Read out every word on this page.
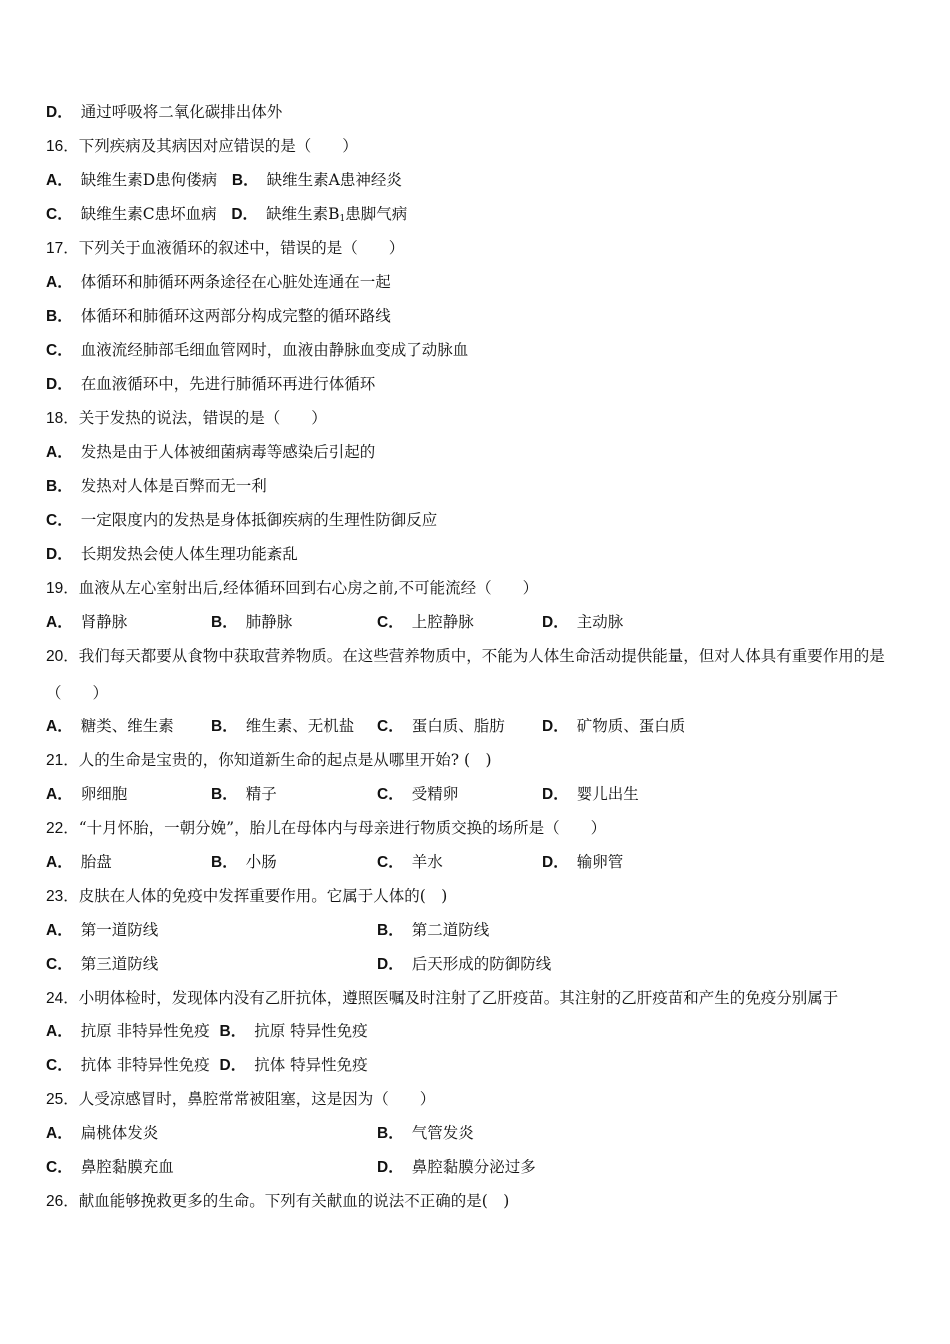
D． 通过呼吸将二氧化碳排出体外
16．下列疾病及其病因对应错误的是（　　）
A． 缺维生素D患佝偻病 B． 缺维生素A患神经炎
C． 缺维生素C患坏血病 D． 缺维生素$B_1$患脚气病
17．下列关于血液循环的叙述中，错误的是（　　）
A． 体循环和肺循环两条途径在心脏处连通在一起
B． 体循环和肺循环这两部分构成完整的循环路线
C． 血液流经肺部毛细血管网时，血液由静脉血变成了动脉血
D． 在血液循环中，先进行肺循环再进行体循环
18．关于发热的说法，错误的是（　　）
A． 发热是由于人体被细菌病毒等感染后引起的
B． 发热对人体是百弊而无一利
C． 一定限度内的发热是身体抵御疾病的生理性防御反应
D． 长期发热会使人体生理功能紊乱
19．血液从左心室射出后,经体循环回到右心房之前,不可能流经（　　）
A． 肾静脉	B． 肺静脉	C． 上腔静脉	D． 主动脉
20．我们每天都要从食物中获取营养物质。在这些营养物质中，不能为人体生命活动提供能量，但对人体具有重要作用的是（　　）
A． 糖类、维生素 B． 维生素、无机盐 C． 蛋白质、脂肪 D． 矿物质、蛋白质
21．人的生命是宝贵的，你知道新生命的起点是从哪里开始? (　)
A． 卵细胞	B． 精子	C． 受精卵	D． 婴儿出生
22．“十月怀胎，一朝分娩”，胎儿在母体内与母亲进行物质交换的场所是（　　）
A． 胎盘	B． 小肠	C． 羊水	D． 输卵管
23．皮肤在人体的免疫中发挥重要作用。它属于人体的(　)
A． 第一道防线	B． 第二道防线
C． 第三道防线	D． 后天形成的防御防线
24．小明体检时，发现体内没有乙肝抗体，遵照医嘱及时注射了乙肝疫苗。其注射的乙肝疫苗和产生的免疫分别属于
A． 抗原 非特异性免疫 B． 抗原 特异性免疫
C． 抗体 非特异性免疫 D． 抗体 特异性免疫
25．人受凉感冒时，鼻腔常常被阻塞，这是因为（　　）
A． 扁桃体发炎	B． 气管发炎
C． 鼻腔黏膜充血	D． 鼻腔黏膜分泌过多
26．献血能够挽救更多的生命。下列有关献血的说法不正确的是(　)
